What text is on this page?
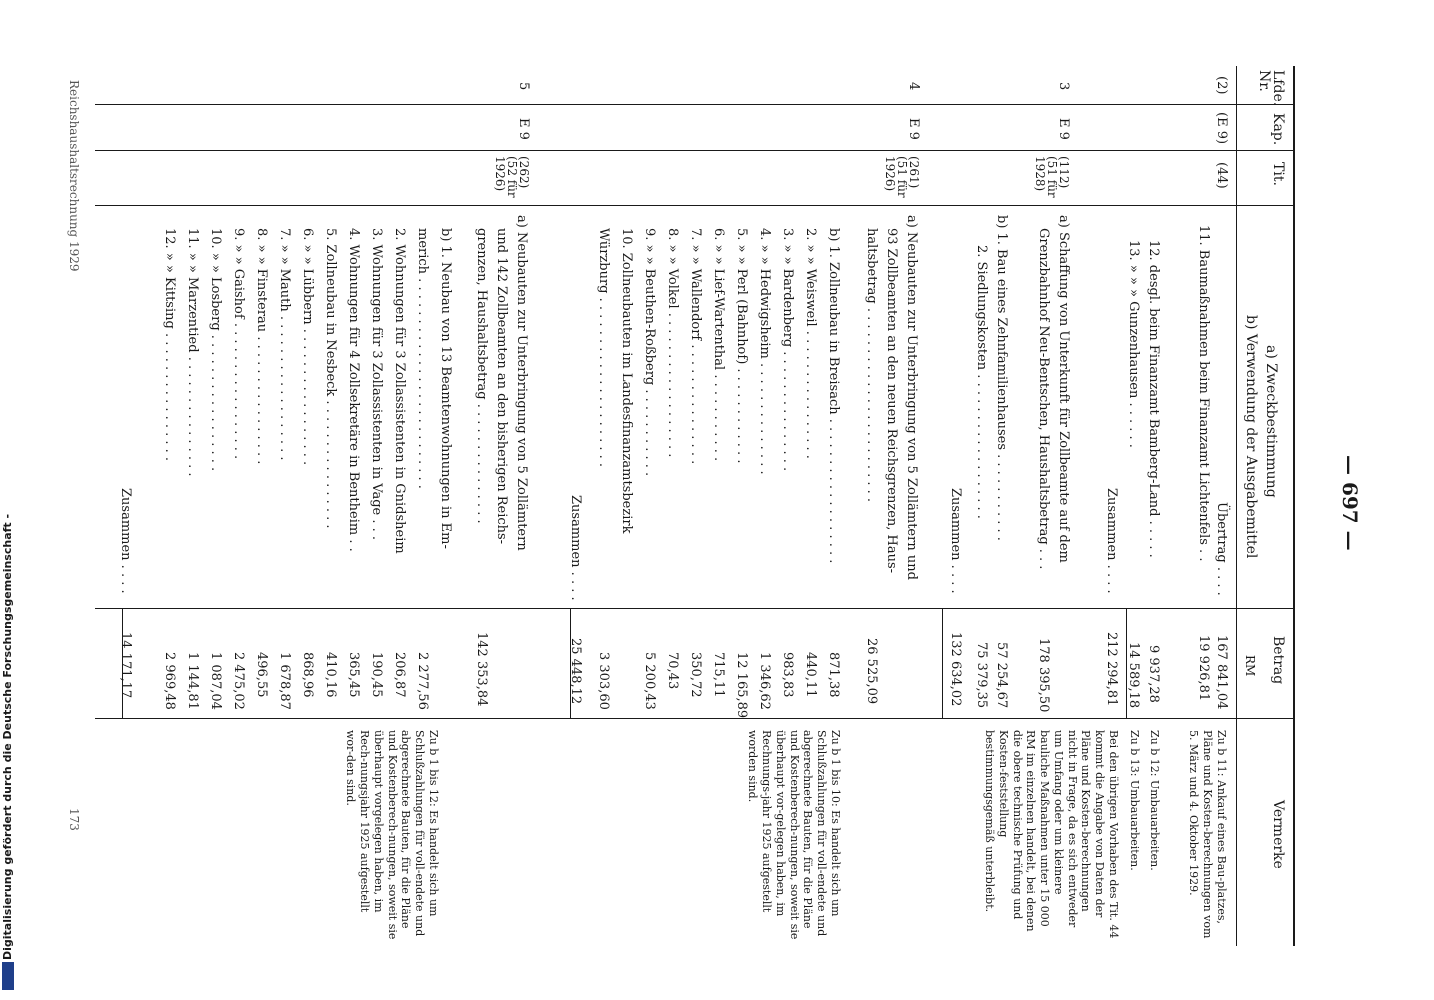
— 697 —
Lfde. Nr.
Kap.
Tit.
a) Zweckbestimmung
b) Verwendung der Ausgabemittel
Betrag
RM
Vermerke
(2)
(E 9)
(44)
Übertrag . . . .
167 841,04
11. Baumaßnahmen beim Finanzamt Lichtenfels . .
19 926,81
12. desgl. beim Finanzamt Bamberg-Land . . . . .
9 937,28
13. » » » Gunzenhausen . . . . . .
14 589,18
Zusammen . . . .
212 294,81
3
E 9
(112) (51 für 1928)
a) Schaffung von Unterkunft für Zollbeamte auf dem
Grenzbahnhof Neu-Bentschen, Haushaltsbetrag . . .
178 395,50
b) 1. Bau eines Zehnfamilienhauses . . . . . . . . . . .
57 254,67
2. Siedlungskosten . . . . . . . . . . . . . . . . . .
75 379,35
Zusammen . . . .
132 634,02
4
E 9
(261) (51 für 1926)
a) Neubauten zur Unterbringung von 5 Zollämtern und
93 Zollbeamten an den neuen Reichsgrenzen, Haus-
haltsbetrag . . . . . . . . . . . . . . . . . . . . . . . .
26 525,09
b) 1. Zollneubau in Breisach . . . . . . . . . . . . . . . . . .
871,38
2. » » Weisweil . . . . . . . . . . . . . . . .
440,11
3. » » Bardenberg . . . . . . . . . . . . . . .
983,83
4. » » Hedwigsheim . . . . . . . . . . . . . .
1 346,62
5. » » Perl (Bahnhof) . . . . . . . . . . . .
12 165,89
6. » » Lief-Wartenthal . . . . . . . . . . .
715,11
7. » » Wallendorf . . . . . . . . . . . . . . .
350,72
8. » » Volkel . . . . . . . . . . . . . . . . . .
70,43
9. » » Beuthen-Roßberg . . . . . . . . . . .
5 200,43
10. Zollneubauten im Landesfinanzamtsbezirk
Würzburg . . . . . . . . . . . . . . . . . . . . .
3 303,60
Zusammen . . . .
25 448,12
5
E 9
(262) (52 für 1926)
a) Neubauten zur Unterbringung von 5 Zollämtern
und 142 Zollbeamten an den bisherigen Reichs-
grenzen, Haushaltsbetrag . . . . . . . . . . . . . . .
142 353,84
b) 1. Neubau von 13 Beamtenwohnungen in Em-
merich . . . . . . . . . . . . . . . . . . . . . . . . . .
2 277,56
2. Wohnungen für 3 Zollassistenten in Gnidsheim
206,87
3. Wohnungen für 3 Zollassistenten in Vage . . .
190,45
4. Wohnungen für 4 Zollsekretäre in Bentheim . .
365,45
5. Zollneubau in Nesbeck . . . . . . . . . . . . . . . .
410,16
6. » » Lübbern . . . . . . . . . . . . . . . . .
868,96
7. » » Mauth . . . . . . . . . . . . . . . . . .
1 678,87
8. » » Finsterau . . . . . . . . . . . . . . . .
496,55
9. » » Gaishof . . . . . . . . . . . . . . . . .
2 475,02
10. » » Losberg . . . . . . . . . . . . . . . . .
1 087,04
11. » » Marzentied . . . . . . . . . . . . . . .
1 144,81
12. » » Kittsing . . . . . . . . . . . . . . . .
2 969,48
Zusammen . . . .
14 171,17
Zu b 11: Ankauf eines Bau-platzes, Pläne und Kosten-berechnungen vom 5. März und 4. Oktober 1929.
Zu b 12: Umbauarbeiten.
Zu b 13: Umbauarbeiten.
Bei den übrigen Vorhaben des Tit. 44 kommt die Angabe von Daten der Pläne und Kosten-berechnungen nicht in Frage, da es sich entweder um Umfang oder um kleinere bauliche Maßnahmen unter 15 000 RM im einzelnen handelt, bei denen die obere technische Prüfung und Kosten-feststellung bestimmungsgemäß unterbleibt.
Zu b 1 bis 10: Es handelt sich um Schlußzahlungen für voll-endete und abgerechnete Bauten, für die Pläne und Kostenberech-nungen, soweit sie überhaupt vor-gelegen haben, im Rechnungs-jahr 1925 aufgestellt worden sind.
Zu b 1 bis 12: Es handelt sich um Schlußzahlungen für voll-endete und abgerechnete Bauten, für die Pläne und Kostenberech-nungen, soweit sie überhaupt vorgelegen haben, im Rech-nungsjahr 1925 aufgestellt wor-den sind.
Reichshaushaltsrechnung 1929
173
Digitalisierung gefördert durch die Deutsche Forschungsgemeinschaft -
